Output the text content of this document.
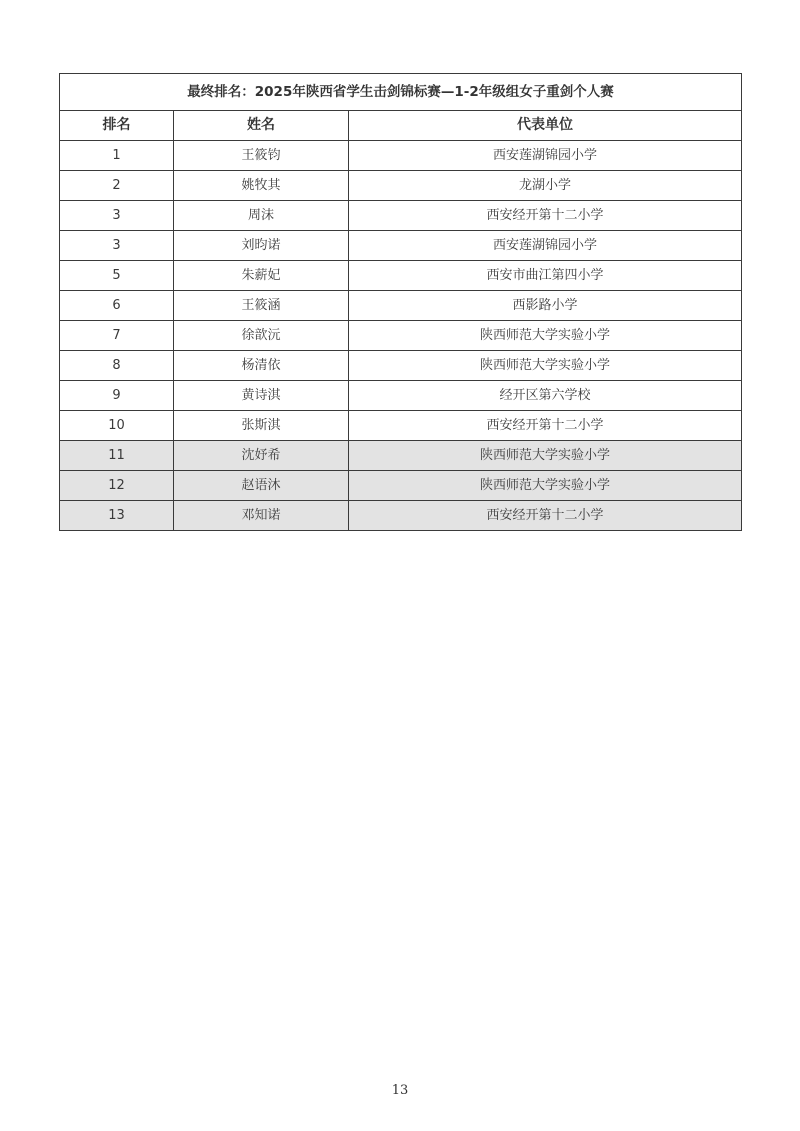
最终排名：2025年陕西省学生击剑锦标赛—1-2年级组女子重剑个人赛		
排名	姓名	代表单位
1	王筱钧	西安莲湖锦园小学
2	姚牧其	龙湖小学
3	周沫	西安经开第十二小学
3	刘昀诺	西安莲湖锦园小学
5	朱薪妃	西安市曲江第四小学
6	王筱涵	西影路小学
7	徐歆沅	陕西师范大学实验小学
8	杨清依	陕西师范大学实验小学
9	黄诗淇	经开区第六学校
10	张斯淇	西安经开第十二小学
11	沈妤希	陕西师范大学实验小学
12	赵语沐	陕西师范大学实验小学
13	邓知诺	西安经开第十二小学
13
